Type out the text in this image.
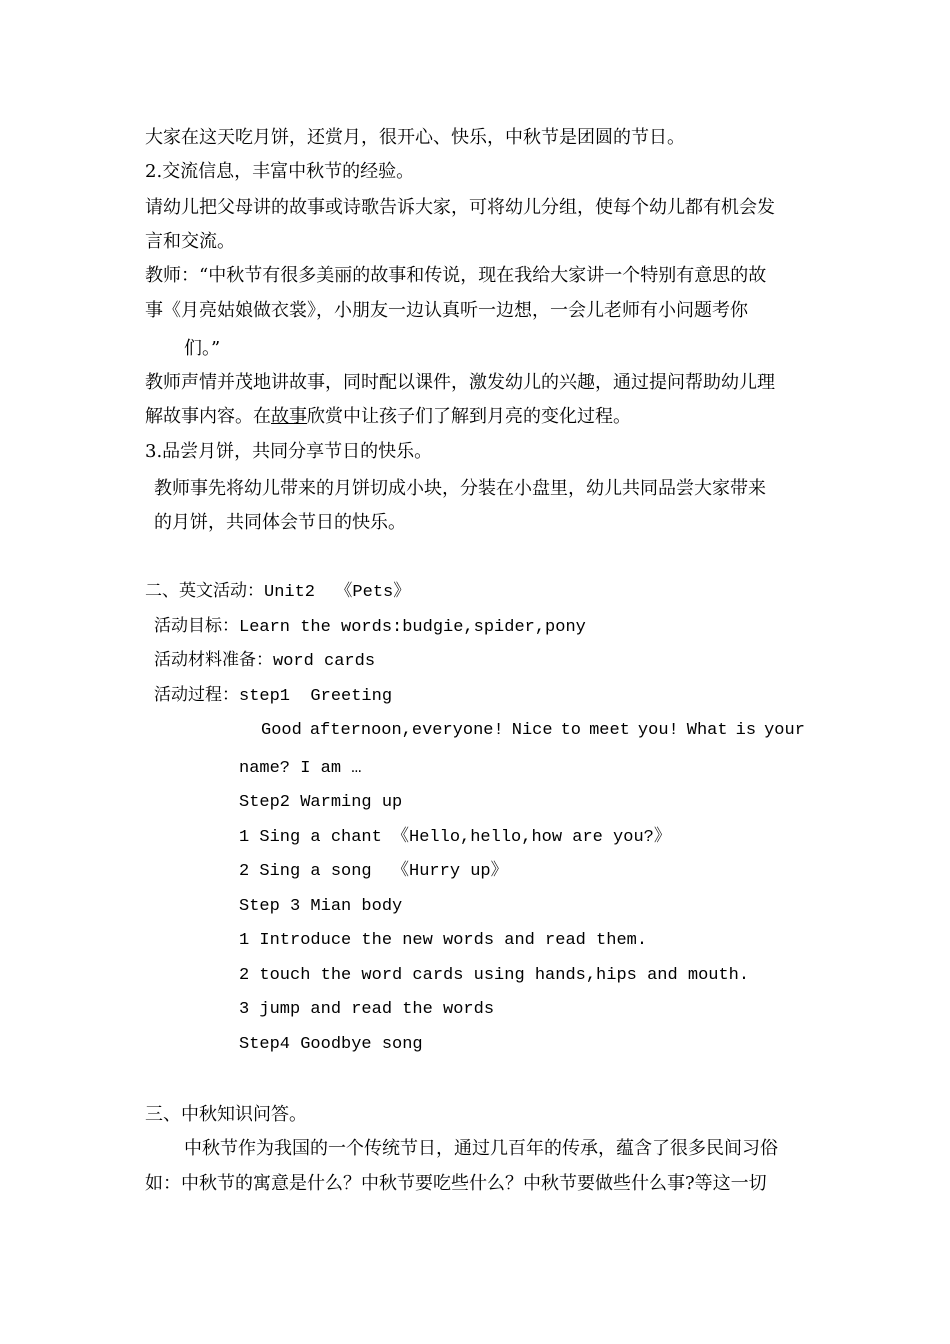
大家在这天吃月饼，还赏月，很开心、快乐，中秋节是团圆的节日。
2.交流信息，丰富中秋节的经验。
请幼儿把父母讲的故事或诗歌告诉大家，可将幼儿分组，使每个幼儿都有机会发
言和交流。
教师：“中秋节有很多美丽的故事和传说，现在我给大家讲一个特别有意思的故
事《月亮姑娘做衣裳》，小朋友一边认真听一边想，一会儿老师有小问题考你
们。”
教师声情并茂地讲故事，同时配以课件，激发幼儿的兴趣，通过提问帮助幼儿理
解故事内容。在故事欣赏中让孩子们了解到月亮的变化过程。
3.品尝月饼，共同分享节日的快乐。
教师事先将幼儿带来的月饼切成小块，分装在小盘里，幼儿共同品尝大家带来
的月饼，共同体会节日的快乐。
二、英文活动：Unit2  《Pets》
活动目标：Learn the words:budgie,spider,pony
活动材料准备：word cards
活动过程：step1  Greeting
Good afternoon,everyone! Nice to meet you! What is your
name? I am …
Step2 Warming up
1 Sing a chant 《Hello,hello,how are you?》
2 Sing a song  《Hurry up》
Step 3 Mian body
1 Introduce the new words and read them.
2 touch the word cards using hands,hips and mouth.
3 jump and read the words
Step4 Goodbye song
三、中秋知识问答。
中秋节作为我国的一个传统节日，通过几百年的传承，蕴含了很多民间习俗
如：中秋节的寓意是什么？中秋节要吃些什么？中秋节要做些什么事?等这一切
